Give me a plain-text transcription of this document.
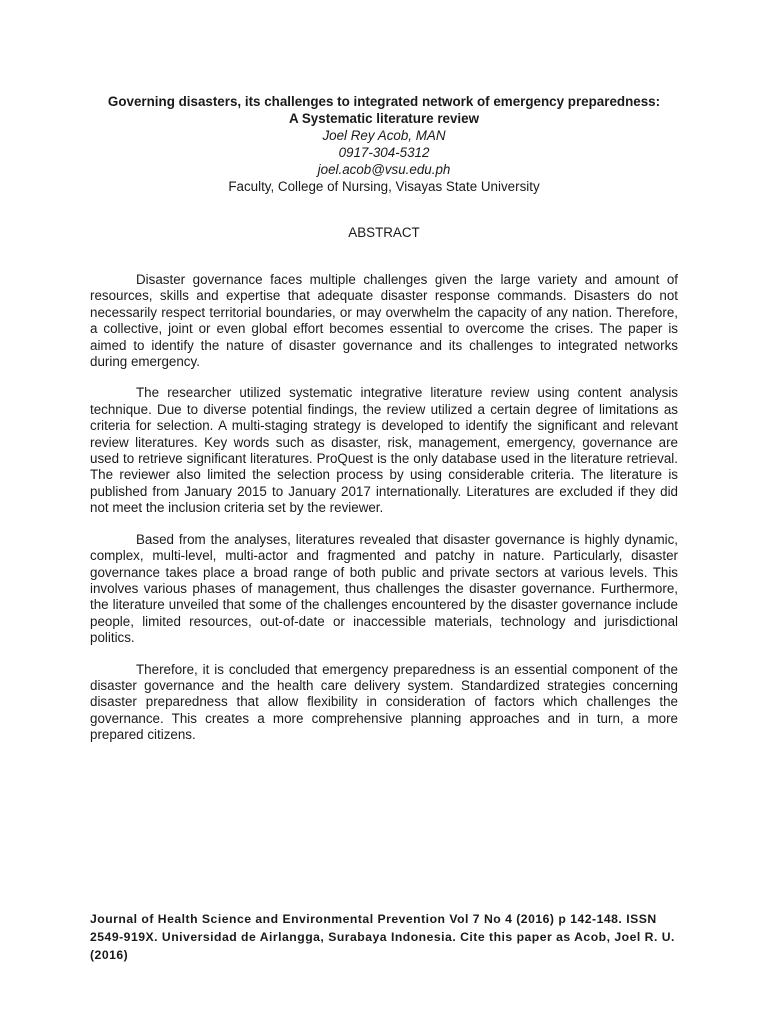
Governing disasters, its challenges to integrated network of emergency preparedness:

A Systematic literature review

Joel Rey Acob, MAN

0917-304-5312

joel.acob@vsu.edu.ph

Faculty, College of Nursing, Visayas State University

ABSTRACT

Disaster governance faces multiple challenges given the large variety and amount of resources, skills and expertise that adequate disaster response commands. Disasters do not necessarily respect territorial boundaries, or may overwhelm the capacity of any nation. Therefore, a collective, joint or even global effort becomes essential to overcome the crises. The paper is aimed to identify the nature of disaster governance and its challenges to integrated networks during emergency.

The researcher utilized systematic integrative literature review using content analysis technique. Due to diverse potential findings, the review utilized a certain degree of limitations as criteria for selection. A multi-staging strategy is developed to identify the significant and relevant review literatures. Key words such as disaster, risk, management, emergency, governance are used to retrieve significant literatures. ProQuest is the only database used in the literature retrieval. The reviewer also limited the selection process by using considerable criteria. The literature is published from January 2015 to January 2017 internationally. Literatures are excluded if they did not meet the inclusion criteria set by the reviewer.

Based from the analyses, literatures revealed that disaster governance is highly dynamic, complex, multi-level, multi-actor and fragmented and patchy in nature. Particularly, disaster governance takes place a broad range of both public and private sectors at various levels. This involves various phases of management, thus challenges the disaster governance. Furthermore, the literature unveiled that some of the challenges encountered by the disaster governance include people, limited resources, out-of-date or inaccessible materials, technology and jurisdictional politics.

Therefore, it is concluded that emergency preparedness is an essential component of the disaster governance and the health care delivery system. Standardized strategies concerning disaster preparedness that allow flexibility in consideration of factors which challenges the governance. This creates a more comprehensive planning approaches and in turn, a more prepared citizens.

Journal of Health Science and Environmental Prevention Vol 7 No 4 (2016) p 142-148. ISSN 2549-919X. Universidad de Airlangga, Surabaya Indonesia. Cite this paper as Acob, Joel R. U. (2016)
